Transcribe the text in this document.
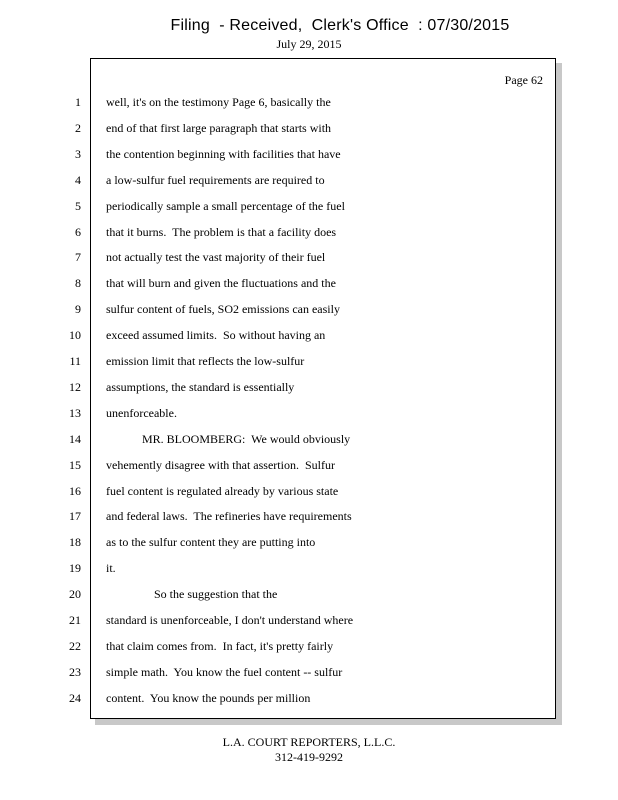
Filing  - Received,  Clerk's Office  : 07/30/2015
July 29, 2015
Page 62
1 well, it's on the testimony Page 6, basically the
2 end of that first large paragraph that starts with
3 the contention beginning with facilities that have
4 a low-sulfur fuel requirements are required to
5 periodically sample a small percentage of the fuel
6 that it burns.  The problem is that a facility does
7 not actually test the vast majority of their fuel
8 that will burn and given the fluctuations and the
9 sulfur content of fuels, SO2 emissions can easily
10 exceed assumed limits.  So without having an
11 emission limit that reflects the low-sulfur
12 assumptions, the standard is essentially
13 unenforceable.
14 MR. BLOOMBERG:  We would obviously
15 vehemently disagree with that assertion.  Sulfur
16 fuel content is regulated already by various state
17 and federal laws.  The refineries have requirements
18 as to the sulfur content they are putting into
19 it.
20 So the suggestion that the
21 standard is unenforceable, I don't understand where
22 that claim comes from.  In fact, it's pretty fairly
23 simple math.  You know the fuel content -- sulfur
24 content.  You know the pounds per million
L.A. COURT REPORTERS, L.L.C.
312-419-9292
